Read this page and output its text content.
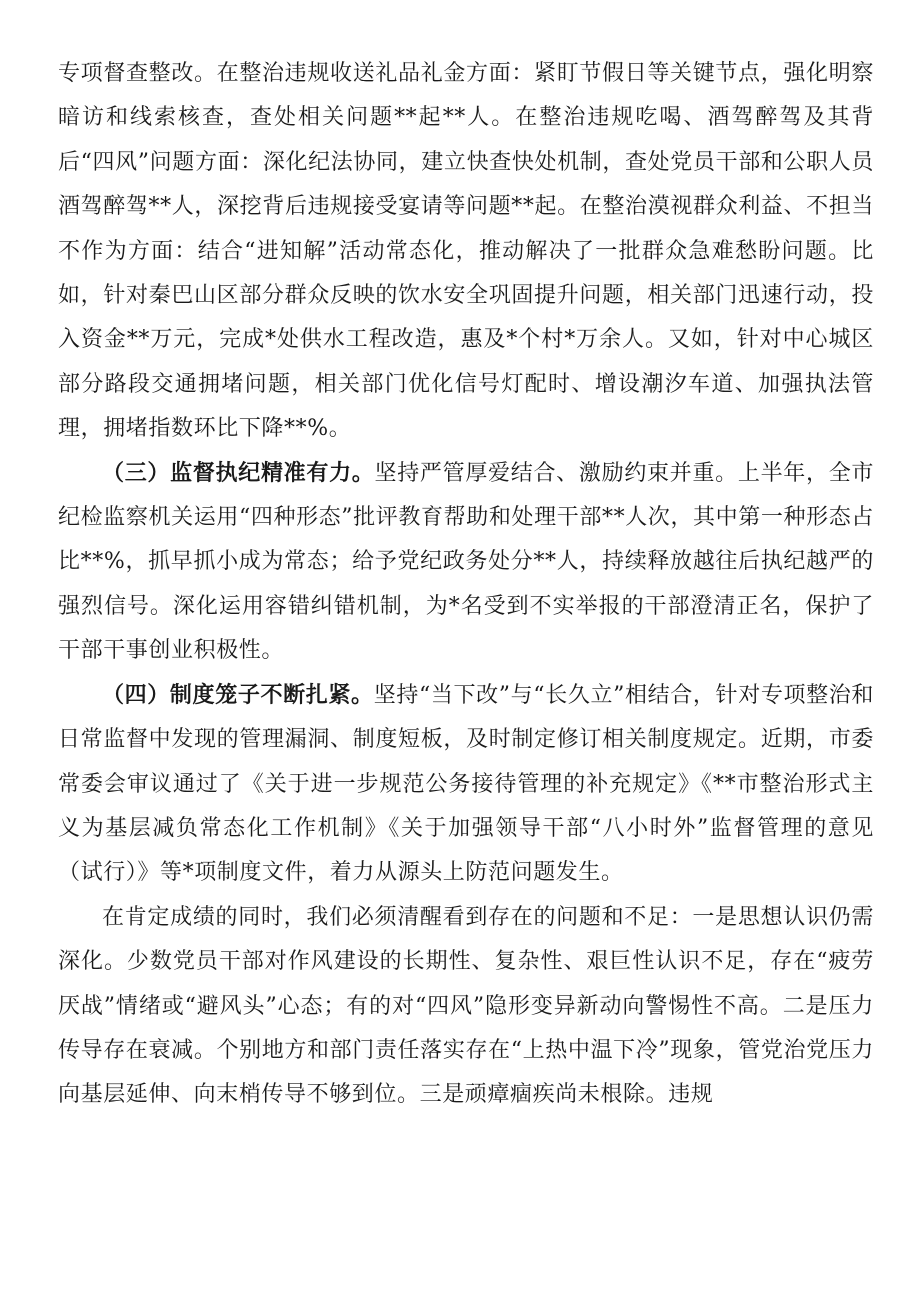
专项督查整改。在整治违规收送礼品礼金方面：紧盯节假日等关键节点，强化明察暗访和线索核查，查处相关问题**起**人。在整治违规吃喝、酒驾醉驾及其背后“四风”问题方面：深化纪法协同，建立快查快处机制，查处党员干部和公职人员酒驾醉驾**人，深挖背后违规接受宴请等问题**起。在整治漠视群众利益、不担当不作为方面：结合“进知解”活动常态化，推动解决了一批群众急难愁盼问题。比如，针对秦巴山区部分群众反映的饮水安全巩固提升问题，相关部门迅速行动，投入资金**万元，完成*处供水工程改造，惠及*个村*万余人。又如，针对中心城区部分路段交通拥堵问题，相关部门优化信号灯配时、增设潮汐车道、加强执法管理，拥堵指数环比下降**%。

（三）监督执纪精准有力。坚持严管厚爱结合、激励约束并重。上半年，全市纪检监察机关运用“四种形态”批评教育帮助和处理干部**人次，其中第一种形态占比**%，抓早抓小成为常态；给予党纪政务处分**人，持续释放越往后执纪越严的强烈信号。深化运用容错纠错机制，为*名受到不实举报的干部澄清正名，保护了干部干事创业积极性。

（四）制度笼子不断扎紧。坚持“当下改”与“长久立”相结合，针对专项整治和日常监督中发现的管理漏洞、制度短板，及时制定修订相关制度规定。近期，市委常委会审议通过了《关于进一步规范公务接待管理的补充规定》《**市整治形式主义为基层减负常态化工作机制》《关于加强领导干部“八小时外”监督管理的意见（试行）》等*项制度文件，着力从源头上防范问题发生。

在肯定成绩的同时，我们必须清醒看到存在的问题和不足：一是思想认识仍需深化。少数党员干部对作风建设的长期性、复杂性、艰巨性认识不足，存在“疲劳厌战”情绪或“避风头”心态；有的对“四风”隐形变异新动向警惕性不高。二是压力传导存在衰减。个别地方和部门责任落实存在“上热中温下冷”现象，管党治党压力向基层延伸、向末梢传导不够到位。三是顽瘴痼疾尚未根除。违规
